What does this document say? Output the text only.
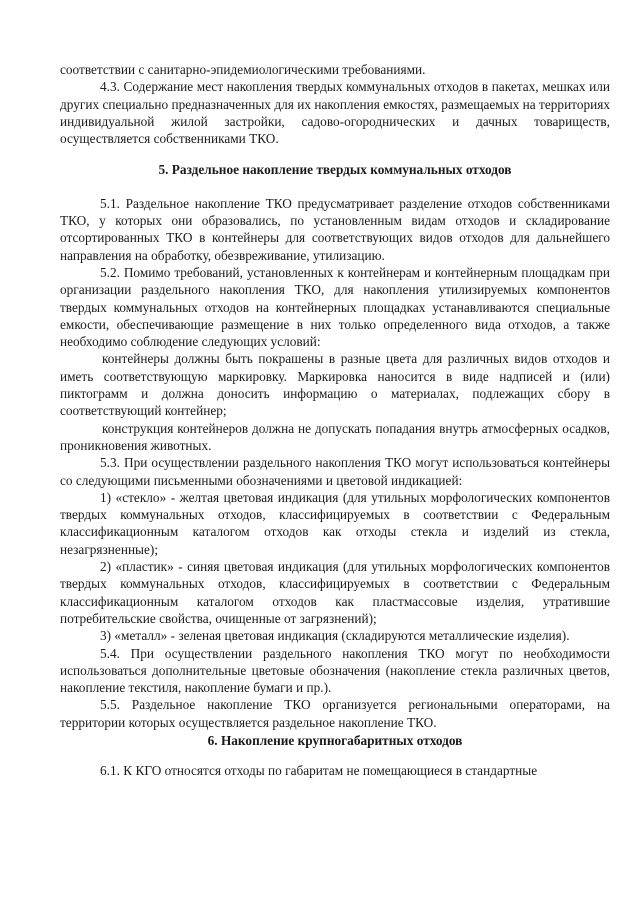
соответствии с санитарно-эпидемиологическими требованиями.

4.3. Содержание мест накопления твердых коммунальных отходов в пакетах, мешках или других специально предназначенных для их накопления емкостях, размещаемых на территориях индивидуальной жилой застройки, садово-огороднических и дачных товариществ, осуществляется собственниками ТКО.

5. Раздельное накопление твердых коммунальных отходов

5.1. Раздельное накопление ТКО предусматривает разделение отходов собственниками ТКО, у которых они образовались, по установленным видам отходов и складирование отсортированных ТКО в контейнеры для соответствующих видов отходов для дальнейшего направления на обработку, обезвреживание, утилизацию.

5.2. Помимо требований, установленных к контейнерам и контейнерным площадкам при организации раздельного накопления ТКО, для накопления утилизируемых компонентов твердых коммунальных отходов на контейнерных площадках устанавливаются специальные емкости, обеспечивающие размещение в них только определенного вида отходов, а также необходимо соблюдение следующих условий:

контейнеры должны быть покрашены в разные цвета для различных видов отходов и иметь соответствующую маркировку. Маркировка наносится в виде надписей и (или) пиктограмм и должна доносить информацию о материалах, подлежащих сбору в соответствующий контейнер;

конструкция контейнеров должна не допускать попадания внутрь атмосферных осадков, проникновения животных.

5.3. При осуществлении раздельного накопления ТКО могут использоваться контейнеры со следующими письменными обозначениями и цветовой индикацией:

1) «стекло» - желтая цветовая индикация (для утильных морфологических компонентов твердых коммунальных отходов, классифицируемых в соответствии с Федеральным классификационным каталогом отходов как отходы стекла и изделий из стекла, незагрязненные);

2) «пластик» - синяя цветовая индикация (для утильных морфологических компонентов твердых коммунальных отходов, классифицируемых в соответствии с Федеральным классификационным каталогом отходов как пластмассовые изделия, утратившие потребительские свойства, очищенные от загрязнений);

3) «металл» - зеленая цветовая индикация (складируются металлические изделия).

5.4. При осуществлении раздельного накопления ТКО могут по необходимости использоваться дополнительные цветовые обозначения (накопление стекла различных цветов, накопление текстиля, накопление бумаги и пр.).

5.5. Раздельное накопление ТКО организуется региональными операторами, на территории которых осуществляется раздельное накопление ТКО.

6. Накопление крупногабаритных отходов

6.1. К КГО относятся отходы по габаритам не помещающиеся в стандартные
